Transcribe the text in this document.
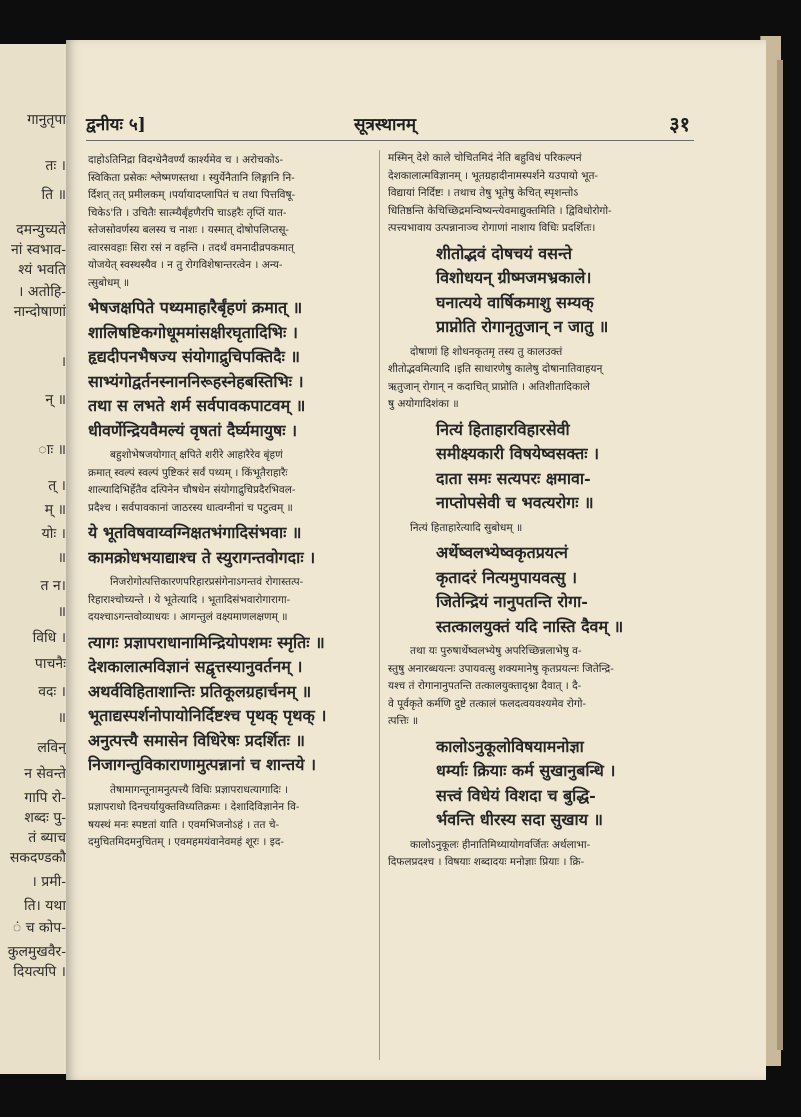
गानुतृपा
तः ।
ति ॥
दमन्युच्यते
नां स्वभाव-
श्यं भवति
। अतोहि-
नान्दोषाणां
।
न् ॥
ाः ॥
त् ।
म् ॥
योः ।
॥
त न।
॥
विधि ।
पाचनैः
वदः ।
॥
लविन्
न सेवन्ते
गापि रो-
शब्दः पु-
तं ब्याच
सकदण्डकौ
। प्रमी-
ति। यथा
ं च कोप-
कुलमुखवैर-
दियत्यपि ।
द्वनीयः ५]	सूत्रस्थानम्	३१

दाहोऽतिनिद्रा विदग्धेनैवर्ण्यं कार्श्यमेव च । अरोचकोऽ-

स्विकिता प्रसेकः श्लेष्मणस्तथा । स्युर्येनैतानि लिङ्गानि नि-

र्दिशत् तत् प्रमीलकम् ।पर्यायादप्लापितं च तथा पित्तविषू-

चिकेऽ'ति । उचितैः सात्म्यैर्बृंहणैरपि चाऽहरैः तृप्तिं यात-

स्तेजसोवर्णस्य बलस्य च नाशः । यस्मात् दोषोपलिप्तसू-

त्वारसवहाः सिरा रसं न वहन्ति । तदर्थं वमनादीव्रपकमात्

योजयेत् स्वस्थस्यैव । न तु रोगविशेषान्तरत्वेन । अन्य-

त्सुबोधम् ॥

भेषजक्षपिते पथ्यमाहारैर्बृंहणं क्रमात् ॥

शालिषष्टिकगोधूममांसक्षीरघृतादिभिः ।

हृद्यदीपनभैषज्य संयोगाद्रुचिपक्तिदैः ॥

साभ्यंगोद्वर्तनस्नाननिरूहस्नेहबस्तिभिः ।

तथा स लभते शर्म सर्वपावकपाटवम् ॥

धीवर्णेन्द्रियवैमल्यं वृषतां दैर्घ्यमायुषः ।

बहुशोभेषजयोगात् क्षपिते शरीरे आहारैरेव बृंहणं

क्रमात् स्वल्पं स्वल्पं पुष्टिकरं सर्वं पथ्यम् । किंभूतैराहारैः

शाल्यादिभिर्हेतैव दत्पिनेन चौषधेन संयोगाद्रुचिप्रदैरभिवल-

प्रदैश्च । सर्वपावकानां जाठरस्य धात्वग्नीनां च पटुत्वम् ॥

ये भूतविषवाय्वग्निक्षतभंगादिसंभवाः ॥

कामक्रोधभयाद्याश्च ते स्युरागन्तवोगदाः ।

निजरोगोत्पत्तिकारणपरिहारप्रसंगेनाऽगन्तवं रोगास्तत्प-

रिहाराश्चोच्यन्ते । ये भूतेत्यादि । भूतादिसंभवारोगारागा-

दयश्चाऽगन्तवोव्याधयः । आगन्तुलं वक्ष्यमाणलक्षणम् ॥

त्यागः प्रज्ञापराधानामिन्द्रियोपशमः स्मृतिः ॥

देशकालात्मविज्ञानं सद्वृत्तस्यानुवर्तनम् ।

अथर्वविहिताशान्तिः प्रतिकूलग्रहार्चनम् ॥

भूताद्यस्पर्शनोपायोनिर्दिष्टश्च पृथक् पृथक् ।

अनुत्पत्त्यै समासेन विधिरेषः प्रदर्शितः ॥

निजागन्तुविकाराणामुत्पन्नानां च शान्तये ।

तेषामागन्तूनामनुत्पत्त्यै विधिः प्रज्ञापराधत्यागादिः ।

प्रज्ञापराधो दिनचर्यायुक्तविध्यतिक्रमः । देशादिविज्ञानेन वि-

षयस्थं मनः स्पष्टतां याति । एवमभिजनोऽहं । तत चे-

दमुचितमिदमनुचितम् । एवमहमयंवानेवमहं शूरः । इद-

मस्मिन् देशे काले चोचितमिदं नेति बहुविधं परिकल्पनं

देशकालात्मविज्ञानम् । भूतग्रहादीनामस्पर्शने यउपायो भूत-

विद्यायां निर्दिष्टः । तथाच तेषु भूतेषु केचित् स्पृशन्तोऽ

धितिष्ठन्ति केचिच्छिद्रमन्विष्यन्त्येवमाद्युक्तमिति । द्विविधोरोगो-

त्पत्त्यभावाय उत्पन्नानाञ्च रोगाणां नाशाय विधिः प्रदर्शितः।

शीतोद्भवं दोषचयं वसन्ते

विशोधयन् ग्रीष्मजमभ्रकाले।

घनात्यये वार्षिकमाशु सम्यक्

प्राप्नोति रोगानृतुजान् न जातु ॥

दोषाणां हि शोधनकृतमृ तस्य तु कालउक्तं

शीतोद्भवमित्यादि ।इति साधारणेषु कालेषु दोषानातिवाहयन्

ऋतुजान् रोगान् न कदाचित् प्राप्नोति । अतिशीतादिकाले

षु अयोगादिशंका ॥

नित्यं हिताहारविहारसेवी

समीक्ष्यकारी विषयेष्वसक्तः ।

दाता समः सत्यपरः क्षमावा-

नाप्तोपसेवी च भवत्यरोगः ॥

नित्यं हिताहारेत्यादि सुबोधम् ॥

अर्थेष्वलभ्येष्वकृतप्रयत्नं

कृतादरं नित्यमुपायवत्सु ।

जितेन्द्रियं नानुपतन्ति रोगा-

स्तत्कालयुक्तं यदि नास्ति दैवम् ॥

तथा यः पुरुषार्थेष्वलभ्येषु अपरिच्छिन्नलाभेषु व-

स्तुषु अनारब्धयत्नः उपायवत्सु शक्यमानेषु कृतप्रयत्नः जितेन्द्रि-

यश्च तं रोगानानुपतन्ति तत्कालयुक्तादृश्ना दैवात् । दै-

वे पूर्वकृते कर्मणि दुष्टे तत्कालं फलदत्वयवश्यमेव रोगो-

त्पत्तिः ॥

कालोऽनुकूलोविषयामनोज्ञा

धर्म्याः क्रियाः कर्म सुखानुबन्धि ।

सत्त्वं विधेयं विशदा च बुद्धि-

र्भवन्ति धीरस्य सदा सुखाय ॥

कालोऽनुकूलः हीनातिमिथ्यायोगवर्जितः अर्थलाभा-

दिफलप्रदश्च । विषयाः शब्दादयः मनोज्ञाः प्रियाः । क्रि-
